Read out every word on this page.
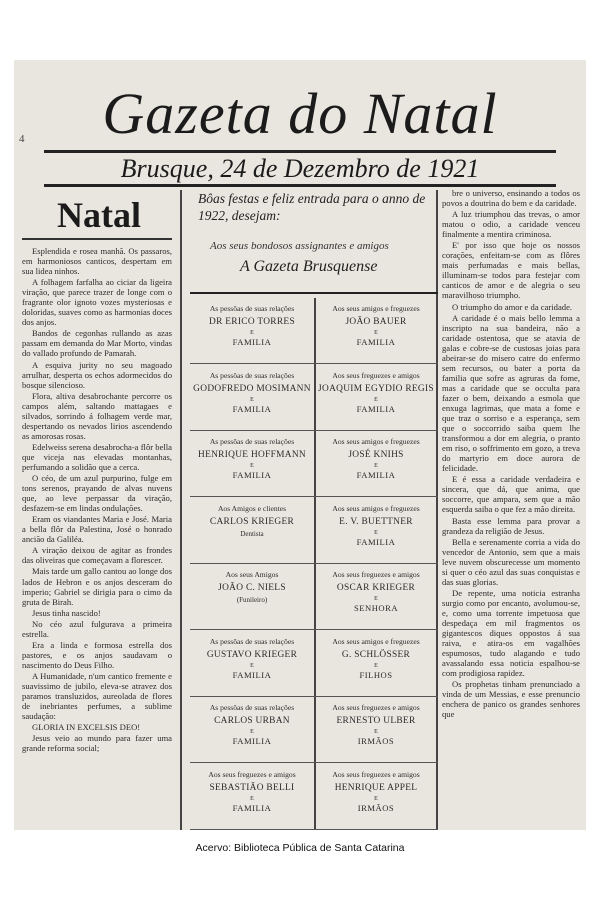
Gazeta do Natal
Brusque, 24 de Dezembro de 1921
Natal

Esplendida e rosea manhã. Os passaros, em harmoniosos canticos, despertam em sua lidea ninhos.

A folhagem farfalha ao ciciar da ligeira viração, que parece trazer de longe com o fragrante olor ignoto vozes mysteriosas e doloridas, suaves como as harmonias doces dos anjos.

Bandos de cegonhas rullando as azas passam em demanda do Mar Morto, vindas do vallado profundo de Pamarah.

A esquiva jurity no seu magoado arrulhar, desperta os echos adormecidos do bosque silencioso.

Flora, altiva desabrochante percorre os campos além, saltando mattagaes e silvados, sorrindo á folhagem verde mar, despertando os nevados lirios ascendendo as amorosas rosas.

Edelweiss serena desabrocha-a flôr bella que viceja nas elevadas montanhas, perfumando a solidão que a cerca.

O céo, de um azul purpurino, fulge em tons serenos, prayando de alvas nuvens que, ao leve perpassar da viração, desfazem-se em lindas ondulações.

Eram os viandantes Maria e José. Maria a bella flôr da Palestina, José o honrado ancião da Galiléa.

A viração deixou de agitar as frondes das oliveiras que começavam a florescer.

Mais tarde um gallo cantou ao longe dos lados de Hebron e os anjos desceram do imperio; Gabriel se dirigia para o cimo da gruta de Birah.

Jesus tinha nascido!

No céo azul fulgurava a primeira estrella.

Era a linda e formosa estrella dos pastores, e os anjos saudavam o nascimento do Deus Filho.

A Humanidade, n'um cantico fremente e suavissimo de jubilo, eleva-se atravez dos paramos transluzidos, aureolada de flores de inebriantes perfumes, a sublime saudação:

GLORIA IN EXCELSIS DEO!

Jesus veio ao mundo para fazer uma grande reforma social;

Bôas festas e feliz entrada para o anno de 1922, desejam:
Aos seus bondosos assignantes e amigos
A Gazeta Brusquense
As pessôas de suas relações
DR ERICO TORRES
E
FAMILIA
As pessôas de suas relações
GODOFREDO MOSIMANN
E
FAMILIA
As pessôas de suas relações
HENRIQUE HOFFMANN
E
FAMILIA
Aos Amigos e clientes
CARLOS KRIEGER
Dentista
Aos seus Amigos
JOÃO C. NIELS
(Funileiro)
As pessôas de suas relações
GUSTAVO KRIEGER
E
FAMILIA
As pessôas de suas relações
CARLOS URBAN
E
FAMILIA
Aos seus freguezes e amigos
SEBASTIÃO BELLI
E
FAMILIA
Aos seus amigos e freguezes
JOÃO BAUER
E
FAMILIA
Aos seus freguezes e amigos
JOAQUIM EGYDIO REGIS
E
FAMILIA
Aos seus amigos e freguezes
JOSÉ KNIHS
E
FAMILIA
Aos seus amigos e freguezes
E. V. BUETTNER
E
FAMILIA
Aos seus freguezes e amigos
OSCAR KRIEGER
E
SENHORA
Aos seus amigos e freguezes
G. SCHLÖSSER
E
FILHOS
Aos seus freguezes e amigos
ERNESTO ULBER
E
IRMÃOS
Aos seus freguezes e amigos
HENRIQUE APPEL
E
IRMÃOS

bre o universo, ensinando a todos os povos a doutrina do bem e da caridade.

A luz triumphou das trevas, o amor matou o odio, a caridade venceu finalmente a mentira criminosa.

E' por isso que hoje os nossos corações, enfeitam-se com as flôres mais perfumadas e mais bellas, illuminam-se todos para festejar com canticos de amor e de alegria o seu maravilhoso triumpho.

O triumpho do amor e da caridade.

A caridade é o mais bello lemma a inscripto na sua bandeira, não a caridade ostentosa, que se atavia de galas e cobre-se de custosas joias para abeirar-se do misero catre do enfermo sem recursos, ou bater a porta da familia que sofre as agruras da fome, mas a caridade que se occulta para fazer o bem, deixando a esmola que enxuga lagrimas, que mata a fome e que traz o sorriso e a esperança, sem que o soccorrido saiba quem lhe transformou a dor em alegria, o pranto em riso, o soffrimento em gozo, a treva do martyrio em doce aurora de felicidade.

E é essa a caridade verdadeira e sincera, que dá, que anima, que soccorre, que ampara, sem que a mão esquerda saiba o que fez a mão direita.

Basta esse lemma para provar a grandeza da religião de Jesus.

Bella e serenamente corria a vida do vencedor de Antonio, sem que a mais leve nuvem obscurecesse um momento si quer o céo azul das suas conquistas e das suas glorias.

De repente, uma noticia estranha surgio como por encanto, avolumou-se, e, como uma torrente impetuosa que despedaça em mil fragmentos os gigantescos diques oppostos á sua raiva, e atira-os em vagalhões espumosos, tudo alagando e tudo avassalando essa noticia espalhou-se com prodigiosa rapidez.

Os prophetas tinham prenunciado a vinda de um Messias, e esse prenuncio enchera de panico os grandes senhores que

4
Acervo: Biblioteca Pública de Santa Catarina
